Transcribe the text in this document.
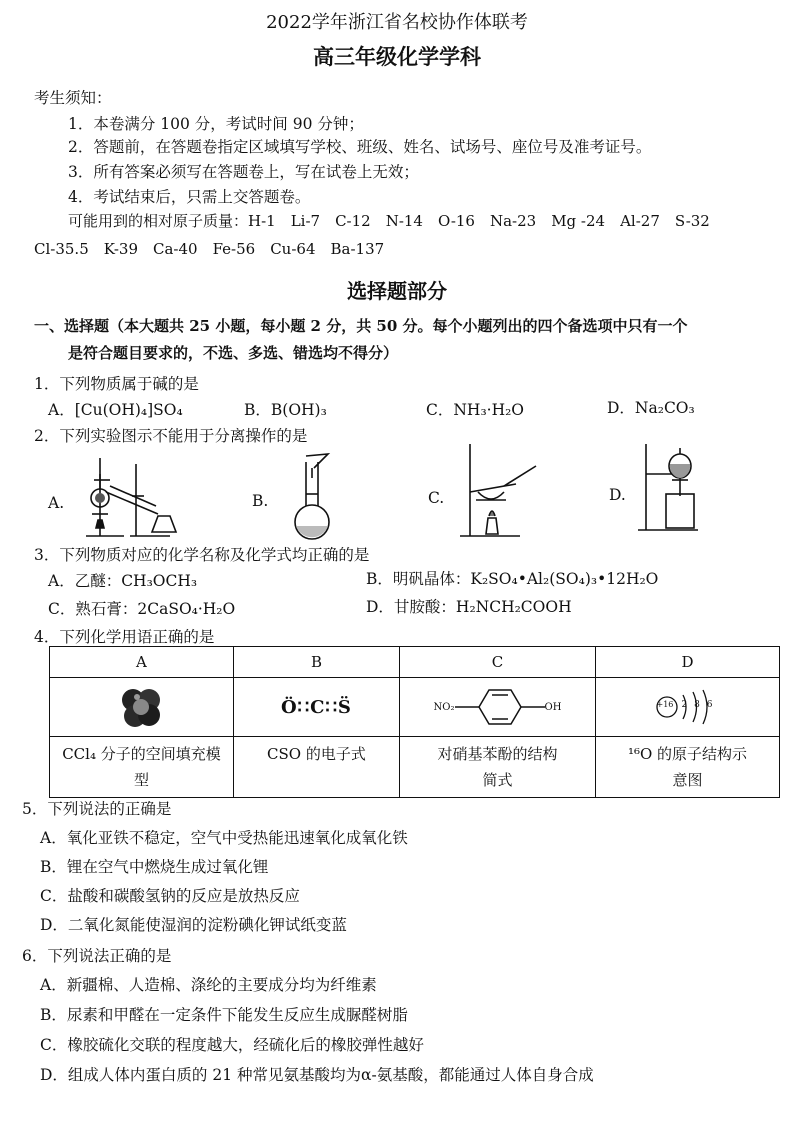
2022学年浙江省名校协作体联考
高三年级化学学科
考生须知：
1．本卷满分 100 分，考试时间 90 分钟；
2．答题前，在答题卷指定区域填写学校、班级、姓名、试场号、座位号及准考证号。
3．所有答案必须写在答题卷上，写在试卷上无效；
4．考试结束后，只需上交答题卷。
可能用到的相对原子质量：H-1　Li-7　C-12　N-14　O-16　Na-23　Mg -24　Al-27　S-32
Cl-35.5　K-39　Ca-40　Fe-56　Cu-64　Ba-137
选择题部分
一、选择题（本大题共 25 小题，每小题 2 分，共 50 分。每个小题列出的四个备选项中只有一个
是符合题目要求的，不选、多选、错选均不得分）
1．下列物质属于碱的是
A．[Cu(OH)₄]SO₄	B．B(OH)₃	C．NH₃·H₂O	D．Na₂CO₃
2．下列实验图示不能用于分离操作的是
A.	B.	C.	D.
3．下列物质对应的化学名称及化学式均正确的是
A．乙醚：CH₃OCH₃	B．明矾晶体：K₂SO₄•Al₂(SO₄)₃•12H₂O
C．熟石膏：2CaSO₄·H₂O	D．甘胺酸：H₂NCH₂COOH
4．下列化学用语正确的是
A	B	C	D

	Ö∷C∷S̈	NO₂ OH	+16 2 8 6

CCl₄ 分子的空间填充模型	CSO 的电子式	对硝基苯酚的结构简式	¹⁶O 的原子结构示意图
5．下列说法的正确是
A．氧化亚铁不稳定，空气中受热能迅速氧化成氧化铁
B．锂在空气中燃烧生成过氧化锂
C．盐酸和碳酸氢钠的反应是放热反应
D．二氧化氮能使湿润的淀粉碘化钾试纸变蓝
6．下列说法正确的是
A．新疆棉、人造棉、涤纶的主要成分均为纤维素
B．尿素和甲醛在一定条件下能发生反应生成脲醛树脂
C．橡胶硫化交联的程度越大，经硫化后的橡胶弹性越好
D．组成人体内蛋白质的 21 种常见氨基酸均为α-氨基酸，都能通过人体自身合成
